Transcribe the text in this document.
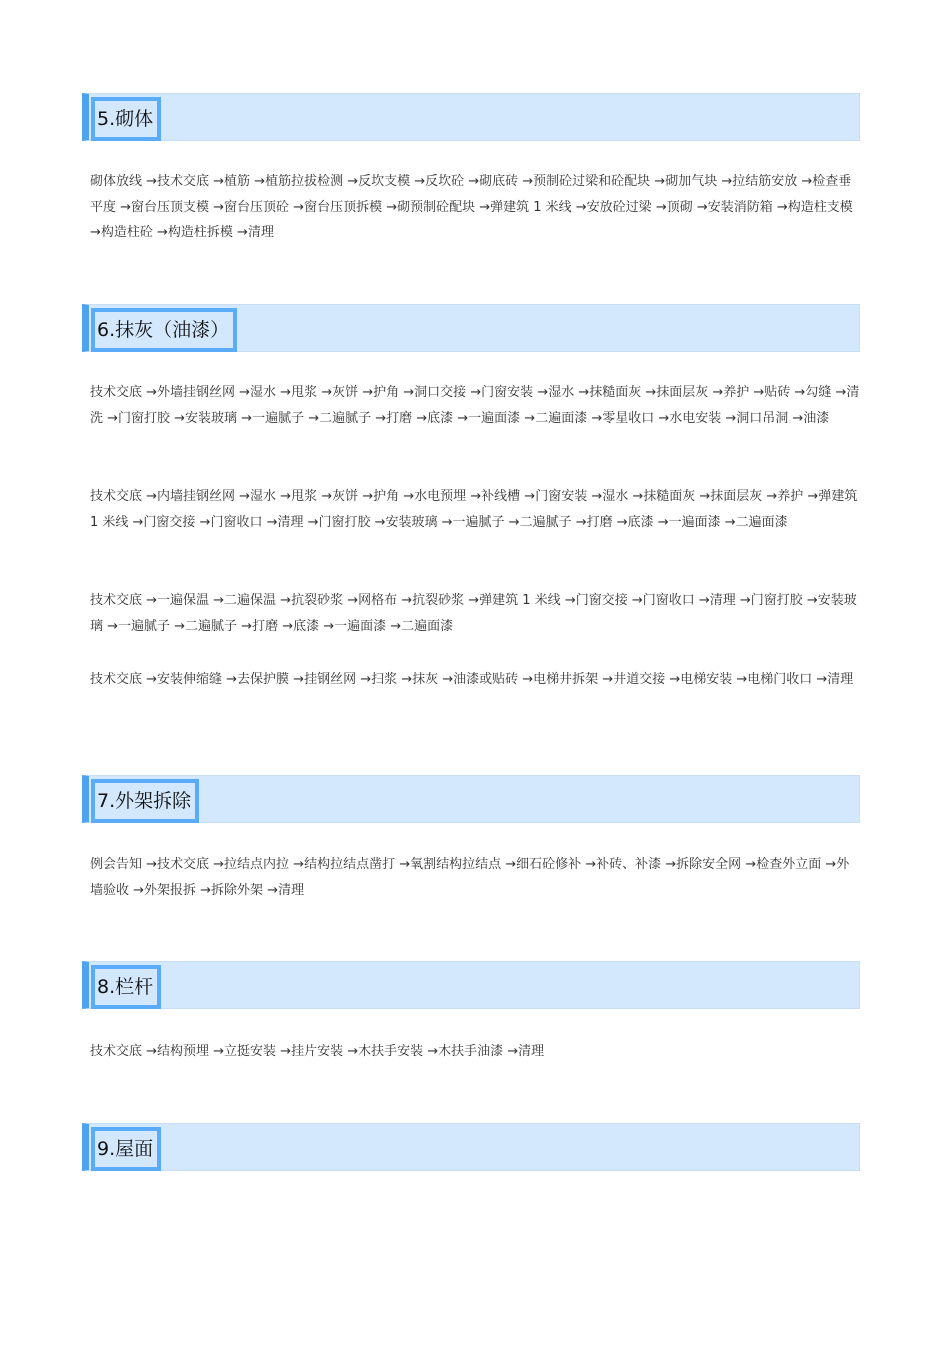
5.砌体
砌体放线 →技术交底 →植筋 →植筋拉拔检测 →反坎支模 →反坎砼 →砌底砖 →预制砼过梁和砼配块 →砌加气块 →拉结筋安放 →检查垂平度 →窗台压顶支模 →窗台压顶砼 →窗台压顶拆模 →砌预制砼配块 →弹建筑 1 米线 →安放砼过梁 →顶砌 →安装消防箱 →构造柱支模 →构造柱砼 →构造柱拆模 →清理
6.抹灰（油漆）
技术交底 →外墙挂钢丝网 →湿水 →甩浆 →灰饼 →护角 →洞口交接 →门窗安装 →湿水 →抹糙面灰 →抹面层灰 →养护 →贴砖 →勾缝 →清洗 →门窗打胶 →安装玻璃 →一遍腻子 →二遍腻子 →打磨 →底漆 →一遍面漆 →二遍面漆 →零星收口 →水电安装 →洞口吊洞 →油漆
技术交底 →内墙挂钢丝网 →湿水 →甩浆 →灰饼 →护角 →水电预埋 →补线槽 →门窗安装 →湿水 →抹糙面灰 →抹面层灰 →养护 →弹建筑 1 米线 →门窗交接 →门窗收口 →清理 →门窗打胶 →安装玻璃 →一遍腻子 →二遍腻子 →打磨 →底漆 →一遍面漆 →二遍面漆
技术交底 →一遍保温 →二遍保温 →抗裂砂浆 →网格布 →抗裂砂浆 →弹建筑 1 米线 →门窗交接 →门窗收口 →清理 →门窗打胶 →安装玻璃 →一遍腻子 →二遍腻子 →打磨 →底漆 →一遍面漆 →二遍面漆
技术交底 →安装伸缩缝 →去保护膜 →挂钢丝网 →扫浆 →抹灰 →油漆或贴砖 →电梯井拆架 →井道交接 →电梯安装 →电梯门收口 →清理
7.外架拆除
例会告知 →技术交底 →拉结点内拉 →结构拉结点凿打 →氧割结构拉结点 →细石砼修补 →补砖、补漆 →拆除安全网 →检查外立面 →外墙验收 →外架报拆 →拆除外架 →清理
8.栏杆
技术交底 →结构预埋 →立挺安装 →挂片安装 →木扶手安装 →木扶手油漆 →清理
9.屋面
